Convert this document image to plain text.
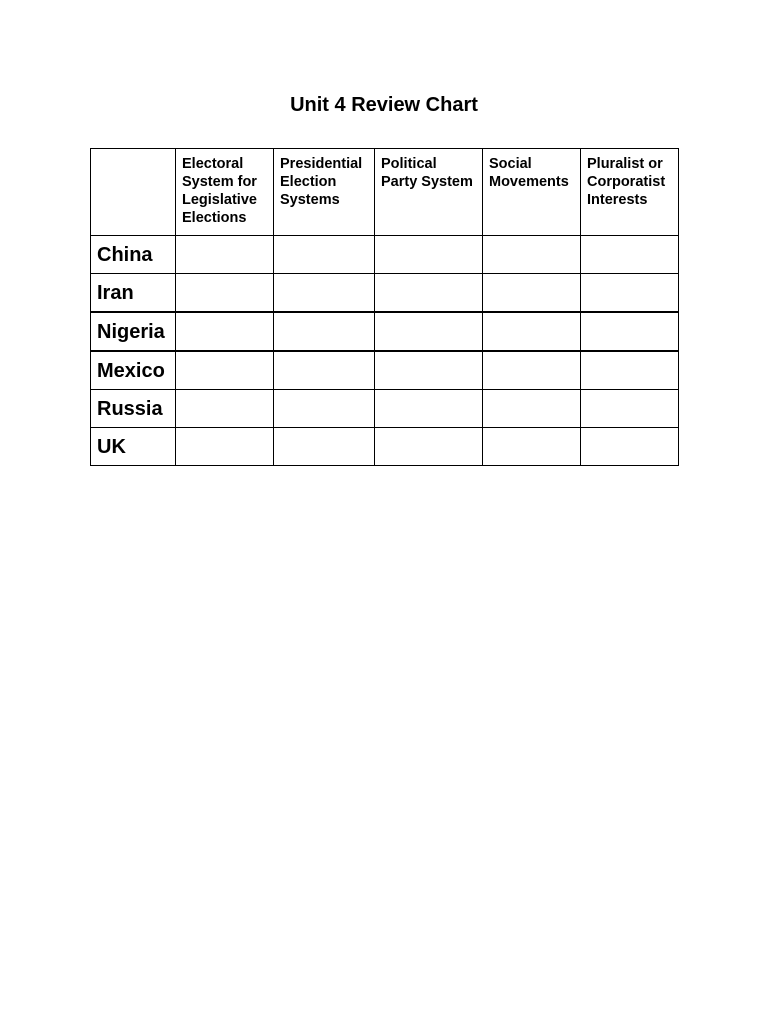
Unit 4 Review Chart
	Electoral System for Legislative Elections	Presidential Election Systems	Political Party System	Social Movements	Pluralist or Corporatist Interests
China					
Iran					
Nigeria					
Mexico					
Russia					
UK					
